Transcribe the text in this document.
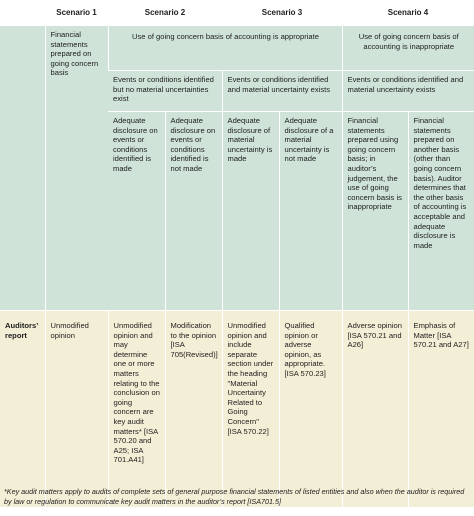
	Scenario 1	Scenario 2		Scenario 3		Scenario 4	
	Financial statements prepared on going concern basis	Use of going concern basis of accounting is appropriate				Use of going concern basis of accounting is inappropriate	
		Events or conditions identified but no material uncertainties exist		Events or conditions identified and material uncertainty exists		Events or conditions identified and material uncertainty exists	
		Adequate disclosure on events or conditions identified is made	Adequate disclosure on events or conditions identified is not made	Adequate disclosure of material uncertainty is made	Adequate disclosure of a material uncertainty is not made	Financial statements prepared using going concern basis; in auditor’s judgement, the use of going concern basis is inappropriate	Financial statements prepared on another basis (other than going concern basis). Auditor determines that the other basis of accounting is acceptable and adequate disclosure is made
Auditors’ report	Unmodified opinion	Unmodified opinion and may determine one or more matters relating to the conclusion on going concern are key audit matters* [ISA 570.20 and A25; ISA 701.A41]	Modification to the opinion [ISA 705(Revised)]	Unmodified opinion and include separate section under the heading "Material Uncertainty Related to Going Concern" [ISA 570.22]	Qualified opinion or adverse opinion, as appropriate. [ISA 570.23]	Adverse opinion [ISA 570.21 and A26]	Emphasis of Matter [ISA 570.21 and A27]
*Key audit matters apply to audits of complete sets of general purpose financial statements of listed entities and also when the auditor is required by law or regulation to communicate key audit matters in the auditor’s report [ISA701.5]
